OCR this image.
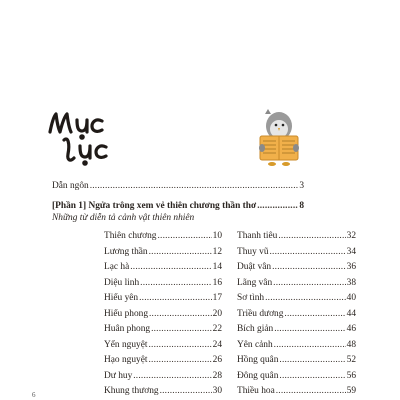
Dẫn ngôn .....	3
[Phần 1] Ngửa trông xem vẻ thiên chương thần thơ .....	8
Những từ diễn tả cảnh vật thiên nhiên
Thiên chương .....	10
Lương thần .....	12
Lạc hà .....	14
Diệu linh .....	16
Hiểu yên .....	17
Hiểu phong .....	20
Huân phong .....	22
Yển nguyệt .....	24
Hạo nguyệt .....	26
Dư huy .....	28
Khung thương .....	30
Thanh tiêu .....	32
Thuy vũ .....	34
Duật vân .....	36
Lãng vân .....	38
Sơ tình .....	40
Triều dương .....	44
Bích giản .....	46
Yên cảnh .....	48
Hồng quân .....	52
Đông quân .....	56
Thiều hoa .....	59
6
